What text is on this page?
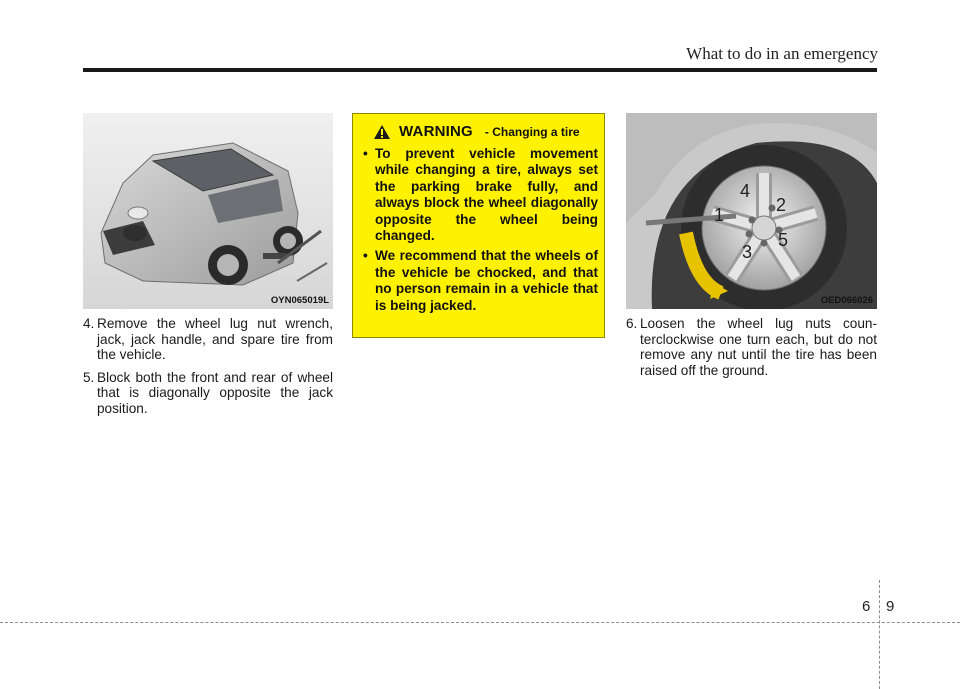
What to do in an emergency
OYN065019L
4. Remove the wheel lug nut wrench, jack, jack handle, and spare tire from the vehicle.
5. Block both the front and rear of wheel that is diagonally opposite the jack position.
WARNING - Changing a tire
• To prevent vehicle movement while changing a tire, always set the parking brake fully, and always block the wheel diagonally opposite the wheel being changed.
• We recommend that the wheels of the vehicle be chocked, and that no person remain in a vehicle that is being jacked.
1	2
3
4
5
OED066026
6. Loosen the wheel lug nuts coun-terclockwise one turn each, but do not remove any nut until the tire has been raised off the ground.
6 9
